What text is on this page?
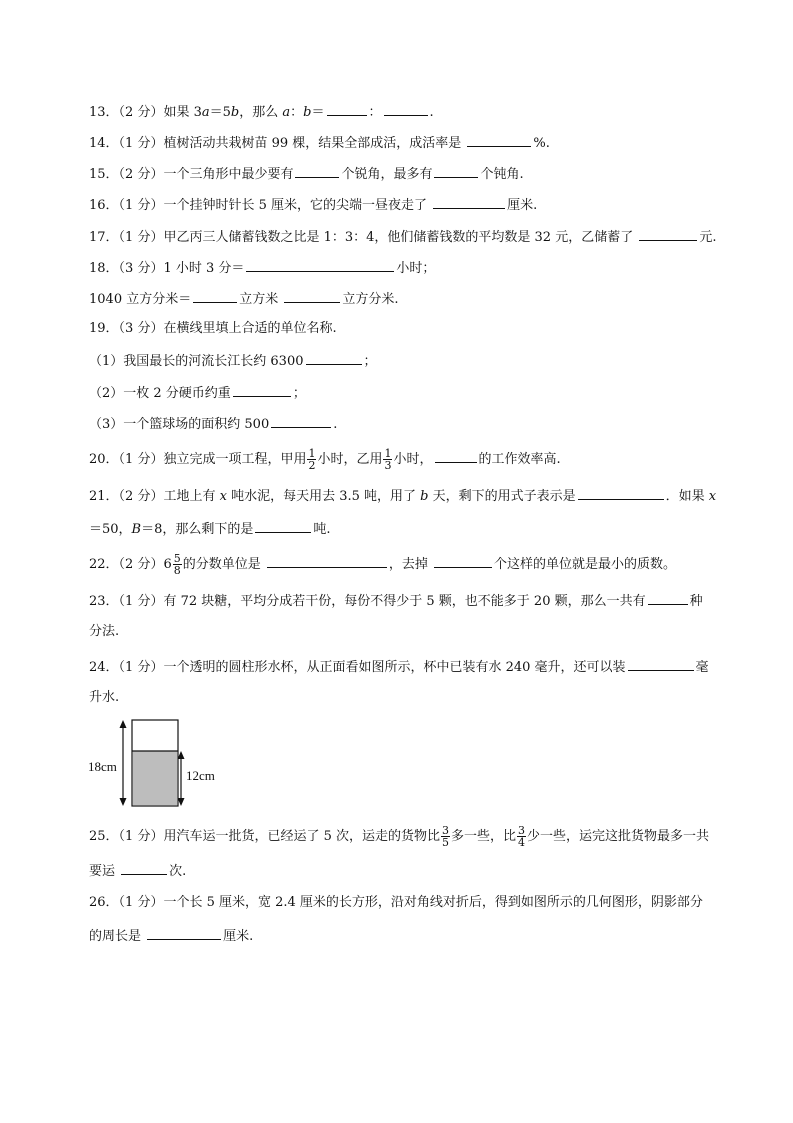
13．（2 分）如果 3a＝5b，那么 a：b＝	：	.
14．（1 分）植树活动共栽树苗 99 棵，结果全部成活，成活率是	%.
15．（2 分）一个三角形中最少要有	个锐角，最多有	个钝角.
16．（1 分）一个挂钟时针长 5 厘米，它的尖端一昼夜走了	厘米.
17．（1 分）甲乙丙三人储蓄钱数之比是 1：3：4，他们储蓄钱数的平均数是 32 元，乙储蓄了	元.
18．（3 分）1 小时 3 分＝	小时；
1040 立方分米＝	立方米	立方分米.
19．（3 分）在横线里填上合适的单位名称.
（1）我国最长的河流长江长约 6300	；
（2）一枚 2 分硬币约重	；
（3）一个篮球场的面积约 500	.
20．（1 分）独立完成一项工程，甲用 $\frac{1}{2}$ 小时，乙用 $\frac{1}{3}$ 小时，	的工作效率高.
21．（2 分）工地上有 x 吨水泥，每天用去 3.5 吨，用了 b 天，剩下的用式子表示是	．如果 x
＝50，B＝8，那么剩下的是	吨.
22．（2 分）$6 \frac{5}{8}$ 的分数单位是	，去掉	个这样的单位就是最小的质数。
23．（1 分）有 72 块糖，平均分成若干份，每份不得少于 5 颗，也不能多于 20 颗，那么一共有	种
分法.
24．（1 分）一个透明的圆柱形水杯，从正面看如图所示，杯中已装有水 240 毫升，还可以装	毫
升水.
18cm
12cm
25．（1 分）用汽车运一批货，已经运了 5 次，运走的货物比 $\frac{3}{5}$ 多一些，比 $\frac{3}{4}$ 少一些，运完这批货物最多一共
要运	次.
26．（1 分）一个长 5 厘米，宽 2.4 厘米的长方形，沿对角线对折后，得到如图所示的几何图形，阴影部分
的周长是	厘米.
